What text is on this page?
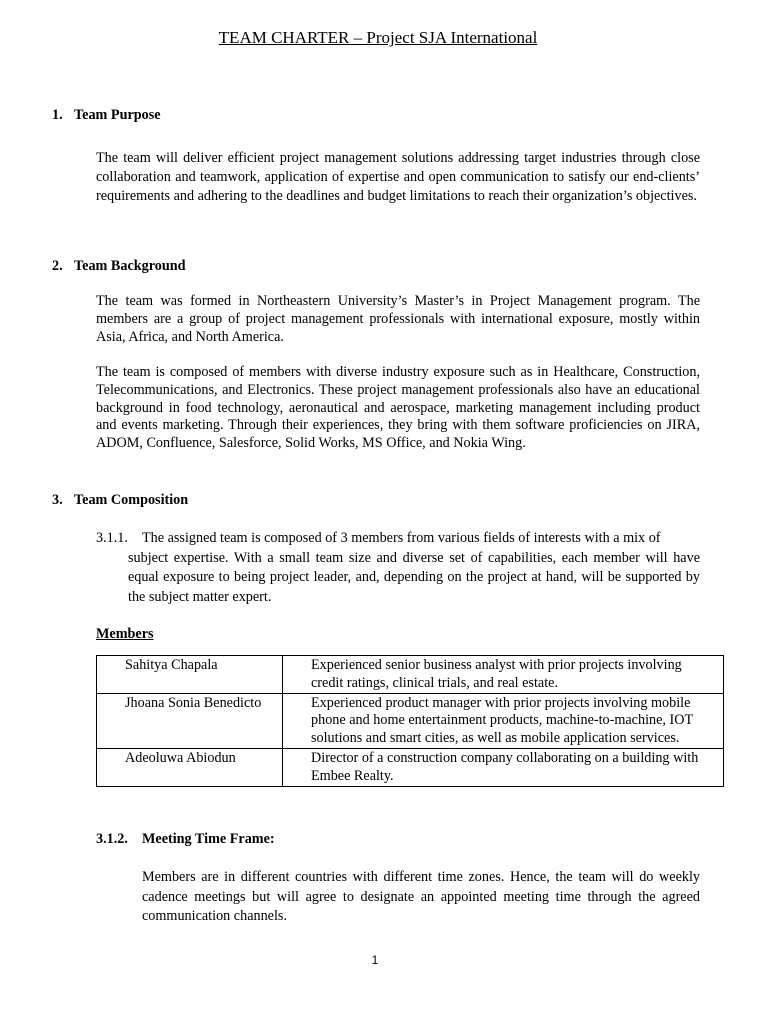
TEAM CHARTER – Project SJA International
1. Team Purpose
The team will deliver efficient project management solutions addressing target industries through close collaboration and teamwork, application of expertise and open communication to satisfy our end-clients’ requirements and adhering to the deadlines and budget limitations to reach their organization’s objectives.
2. Team Background
The team was formed in Northeastern University’s Master’s in Project Management program. The members are a group of project management professionals with international exposure, mostly within Asia, Africa, and North America.
The team is composed of members with diverse industry exposure such as in Healthcare, Construction, Telecommunications, and Electronics. These project management professionals also have an educational background in food technology, aeronautical and aerospace, marketing management including product and events marketing. Through their experiences, they bring with them software proficiencies on JIRA, ADOM, Confluence, Salesforce, Solid Works, MS Office, and Nokia Wing.
3. Team Composition
3.1.1. The assigned team is composed of 3 members from various fields of interests with a mix of
subject expertise. With a small team size and diverse set of capabilities, each member will have equal exposure to being project leader, and, depending on the project at hand, will be supported by the subject matter expert.
Members
Sahitya Chapala	Experienced senior business analyst with prior projects involving credit ratings, clinical trials, and real estate.
Jhoana Sonia Benedicto	Experienced product manager with prior projects involving mobile phone and home entertainment products, machine-to-machine, IOT solutions and smart cities, as well as mobile application services.
Adeoluwa Abiodun	Director of a construction company collaborating on a building with Embee Realty.
3.1.2. Meeting Time Frame:
Members are in different countries with different time zones. Hence, the team will do weekly cadence meetings but will agree to designate an appointed meeting time through the agreed communication channels.
1
